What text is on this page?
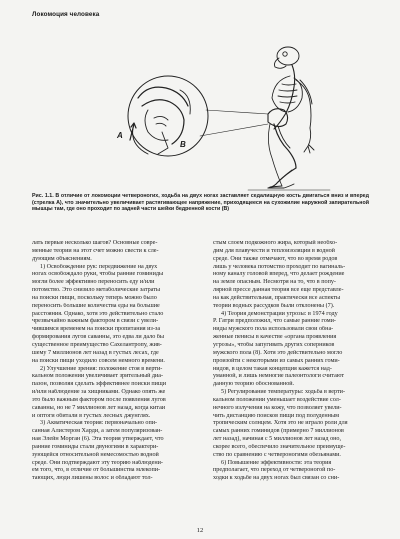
Локомоция человека
A
B
Рис. 1.1. В отличие от локомоции четвероногих, ходьба на двух ногах заставляет седалищную кость двигаться вниз и вперед (стрелка А), что значительно увеличивает растягивающее напряжение, приходящееся на сухожилие наружной запирательной мышцы там, где оно проходит по задней части шейки бедренной кости (В)
лать первые несколько шагов? Основные совре-
менные теории на этот счет можно свести к сле-
дующим объяснениям.
1) Освобождение рук: передвижение на двух
ногах освобождало руки, чтобы ранние гоминиды
могли более эффективно переносить еду и/или
потомство. Это снизило метаболические затраты
на поиски пищи, поскольку теперь можно было
переносить бо́льшие количества еды на бо́льшие
расстояния. Однако, хотя это действительно стало
чрезвычайно важным фактором в связи с увели-
чившимся временем на поиски пропитания из-за
формирования лугов саванны, это едва ли дало бы
существенное преимущество Сахелантропу, жив-
шему 7 миллионов лет назад в густых лесах, где
на поиски пищи уходило совсем немного времени.
2) Улучшение зрения: положение стоя в верти-
кальном положении увеличивает зрительный диа-
пазон, позволяя сделать эффективнее поиски пищи
и/или наблюдение за хищниками. Однако опять же
это было важным фактором после появления лугов
саванны, но не 7 миллионов лет назад, когда китаи
и оптоги обитали в густых лесных джунглях.
3) Акватическая теория: первоначально опи-
санная Алистером Харди, а затем популяризован-
ная Элейн Морган (6). Эта теория утверждает, что
ранние гоминиды стали двуногими в характери-
зующейся относительной немесомостью водной
среде. Они подтверждают эту теорию наблюдени-
ем того, что, в отличие от большинства млекопи-
тающих, люди лишены волос и обладают тол-
стым слоем подкожного жира, который необхо-
дим для плавучести и теплоизоляции в водной
среде. Они также отмечают, что во время родов
лишь у человека потомство проходит по вагиналь-
ному каналу головой вперед, что делает рождение
на земле опасным. Несмотря на то, что в попу-
лярной прессе данная теория все еще представле-
на как действительная, практически все аспекты
теории водных рассудков были отклонены (7).
4) Теория демонстрации угрозы: в 1974 году
Р. Гатри предположил, что самые ранние гоми-
ниды мужского пола использовали свои обна-
женные пенисы в качестве «органа проявления
угрозы», чтобы запугивать других соперников
мужского пола (8). Хотя это действительно могло
произойти с некоторыми из самых ранних гоми-
нидов, в целом такая концепция кажется над-
уманной, и лишь немногие палеонтологи считают
данную теорию обоснованной.
5) Регулирование температуры: ходьба в верти-
кальном положении уменьшает воздействие сол-
нечного излучения на кожу, что позволяет увели-
чить дистанцию поисков пищи под полуденным
тропическим солнцем. Хотя это не играло роли для
самых ранних гоминидов (примерно 7 миллионов
лет назад), начиная с 5 миллионов лет назад оно,
скорее всего, обеспечило значительное преимуще-
ство по сравнению с четвероногими обезьянами.
6) Повышение эффективности: эта теория
предполагает, что переход от четвероногой по-
ходки к ходьбе на двух ногах был связан со сни-
12
